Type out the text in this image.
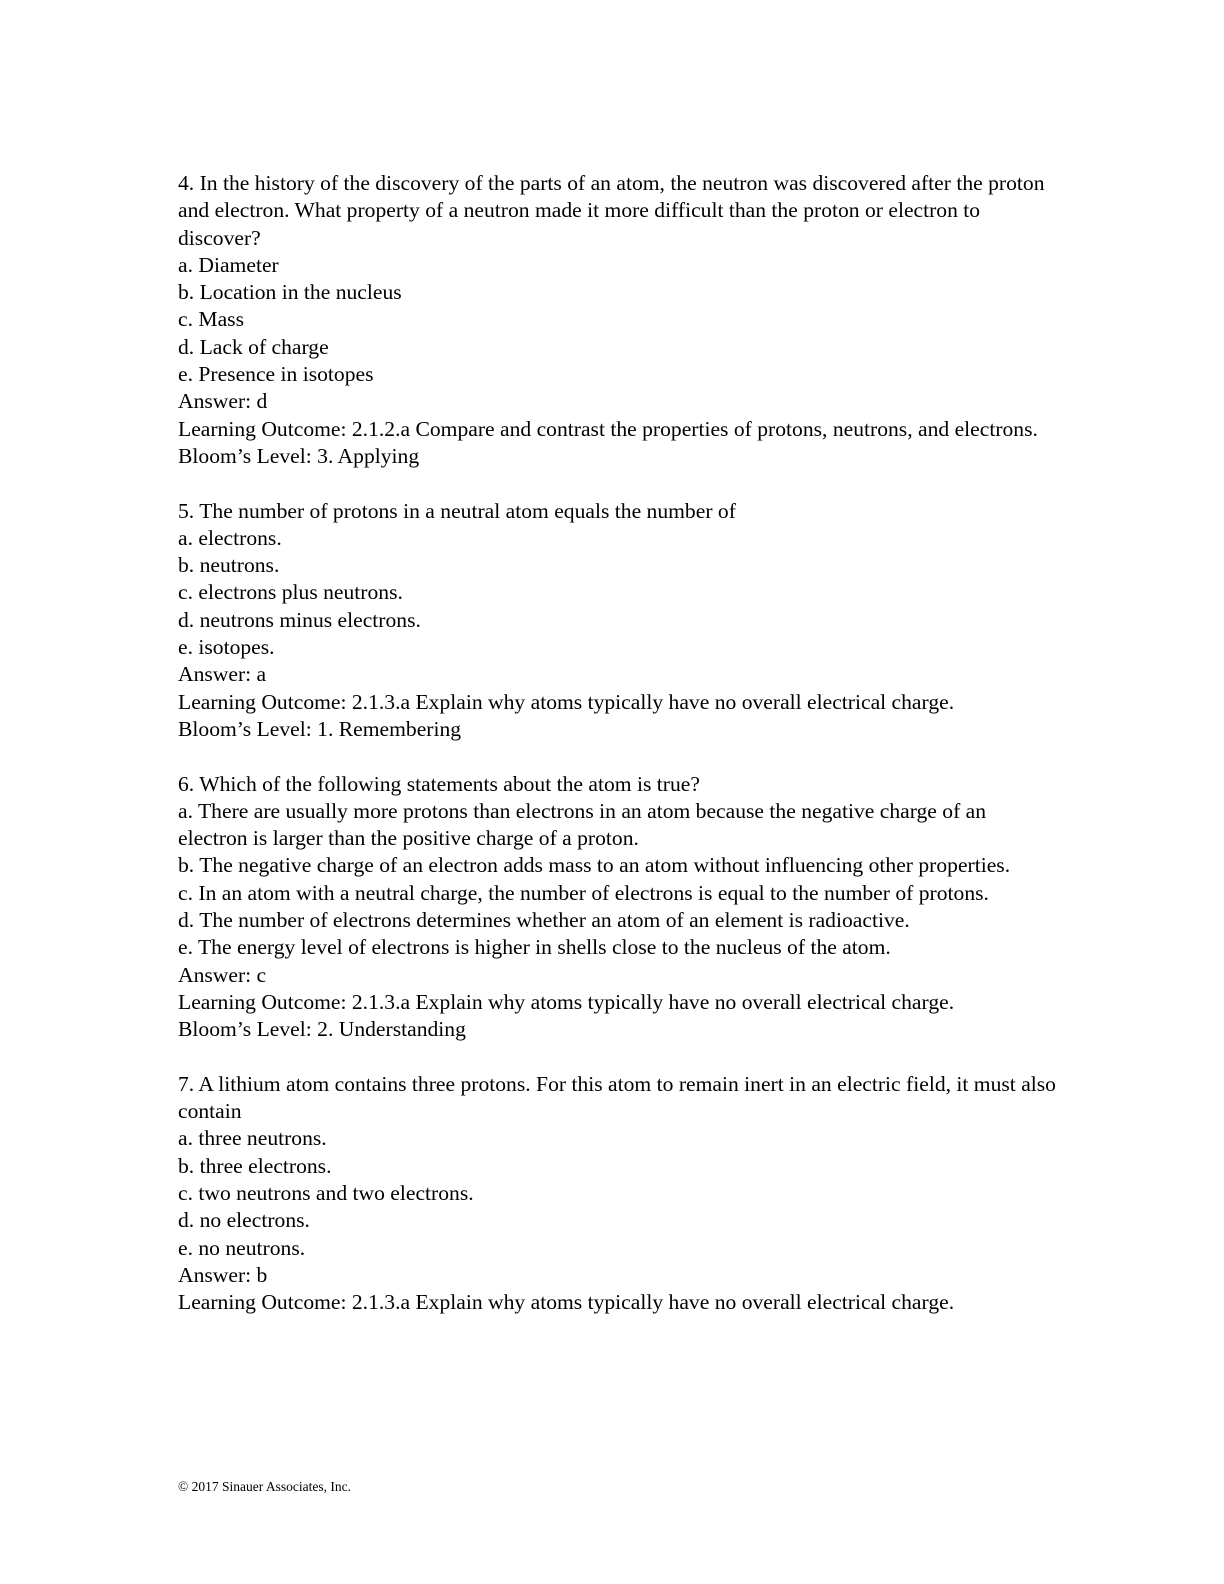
4. In the history of the discovery of the parts of an atom, the neutron was discovered after the proton and electron. What property of a neutron made it more difficult than the proton or electron to discover?
a. Diameter
b. Location in the nucleus
c. Mass
d. Lack of charge
e. Presence in isotopes
Answer: d
Learning Outcome: 2.1.2.a Compare and contrast the properties of protons, neutrons, and electrons.
Bloom’s Level: 3. Applying
5. The number of protons in a neutral atom equals the number of
a. electrons.
b. neutrons.
c. electrons plus neutrons.
d. neutrons minus electrons.
e. isotopes.
Answer: a
Learning Outcome: 2.1.3.a Explain why atoms typically have no overall electrical charge.
Bloom’s Level: 1. Remembering
6. Which of the following statements about the atom is true?
a. There are usually more protons than electrons in an atom because the negative charge of an electron is larger than the positive charge of a proton.
b. The negative charge of an electron adds mass to an atom without influencing other properties.
c. In an atom with a neutral charge, the number of electrons is equal to the number of protons.
d. The number of electrons determines whether an atom of an element is radioactive.
e. The energy level of electrons is higher in shells close to the nucleus of the atom.
Answer: c
Learning Outcome: 2.1.3.a Explain why atoms typically have no overall electrical charge.
Bloom’s Level: 2. Understanding
7. A lithium atom contains three protons. For this atom to remain inert in an electric field, it must also contain
a. three neutrons.
b. three electrons.
c. two neutrons and two electrons.
d. no electrons.
e. no neutrons.
Answer: b
Learning Outcome: 2.1.3.a Explain why atoms typically have no overall electrical charge.
© 2017 Sinauer Associates, Inc.
